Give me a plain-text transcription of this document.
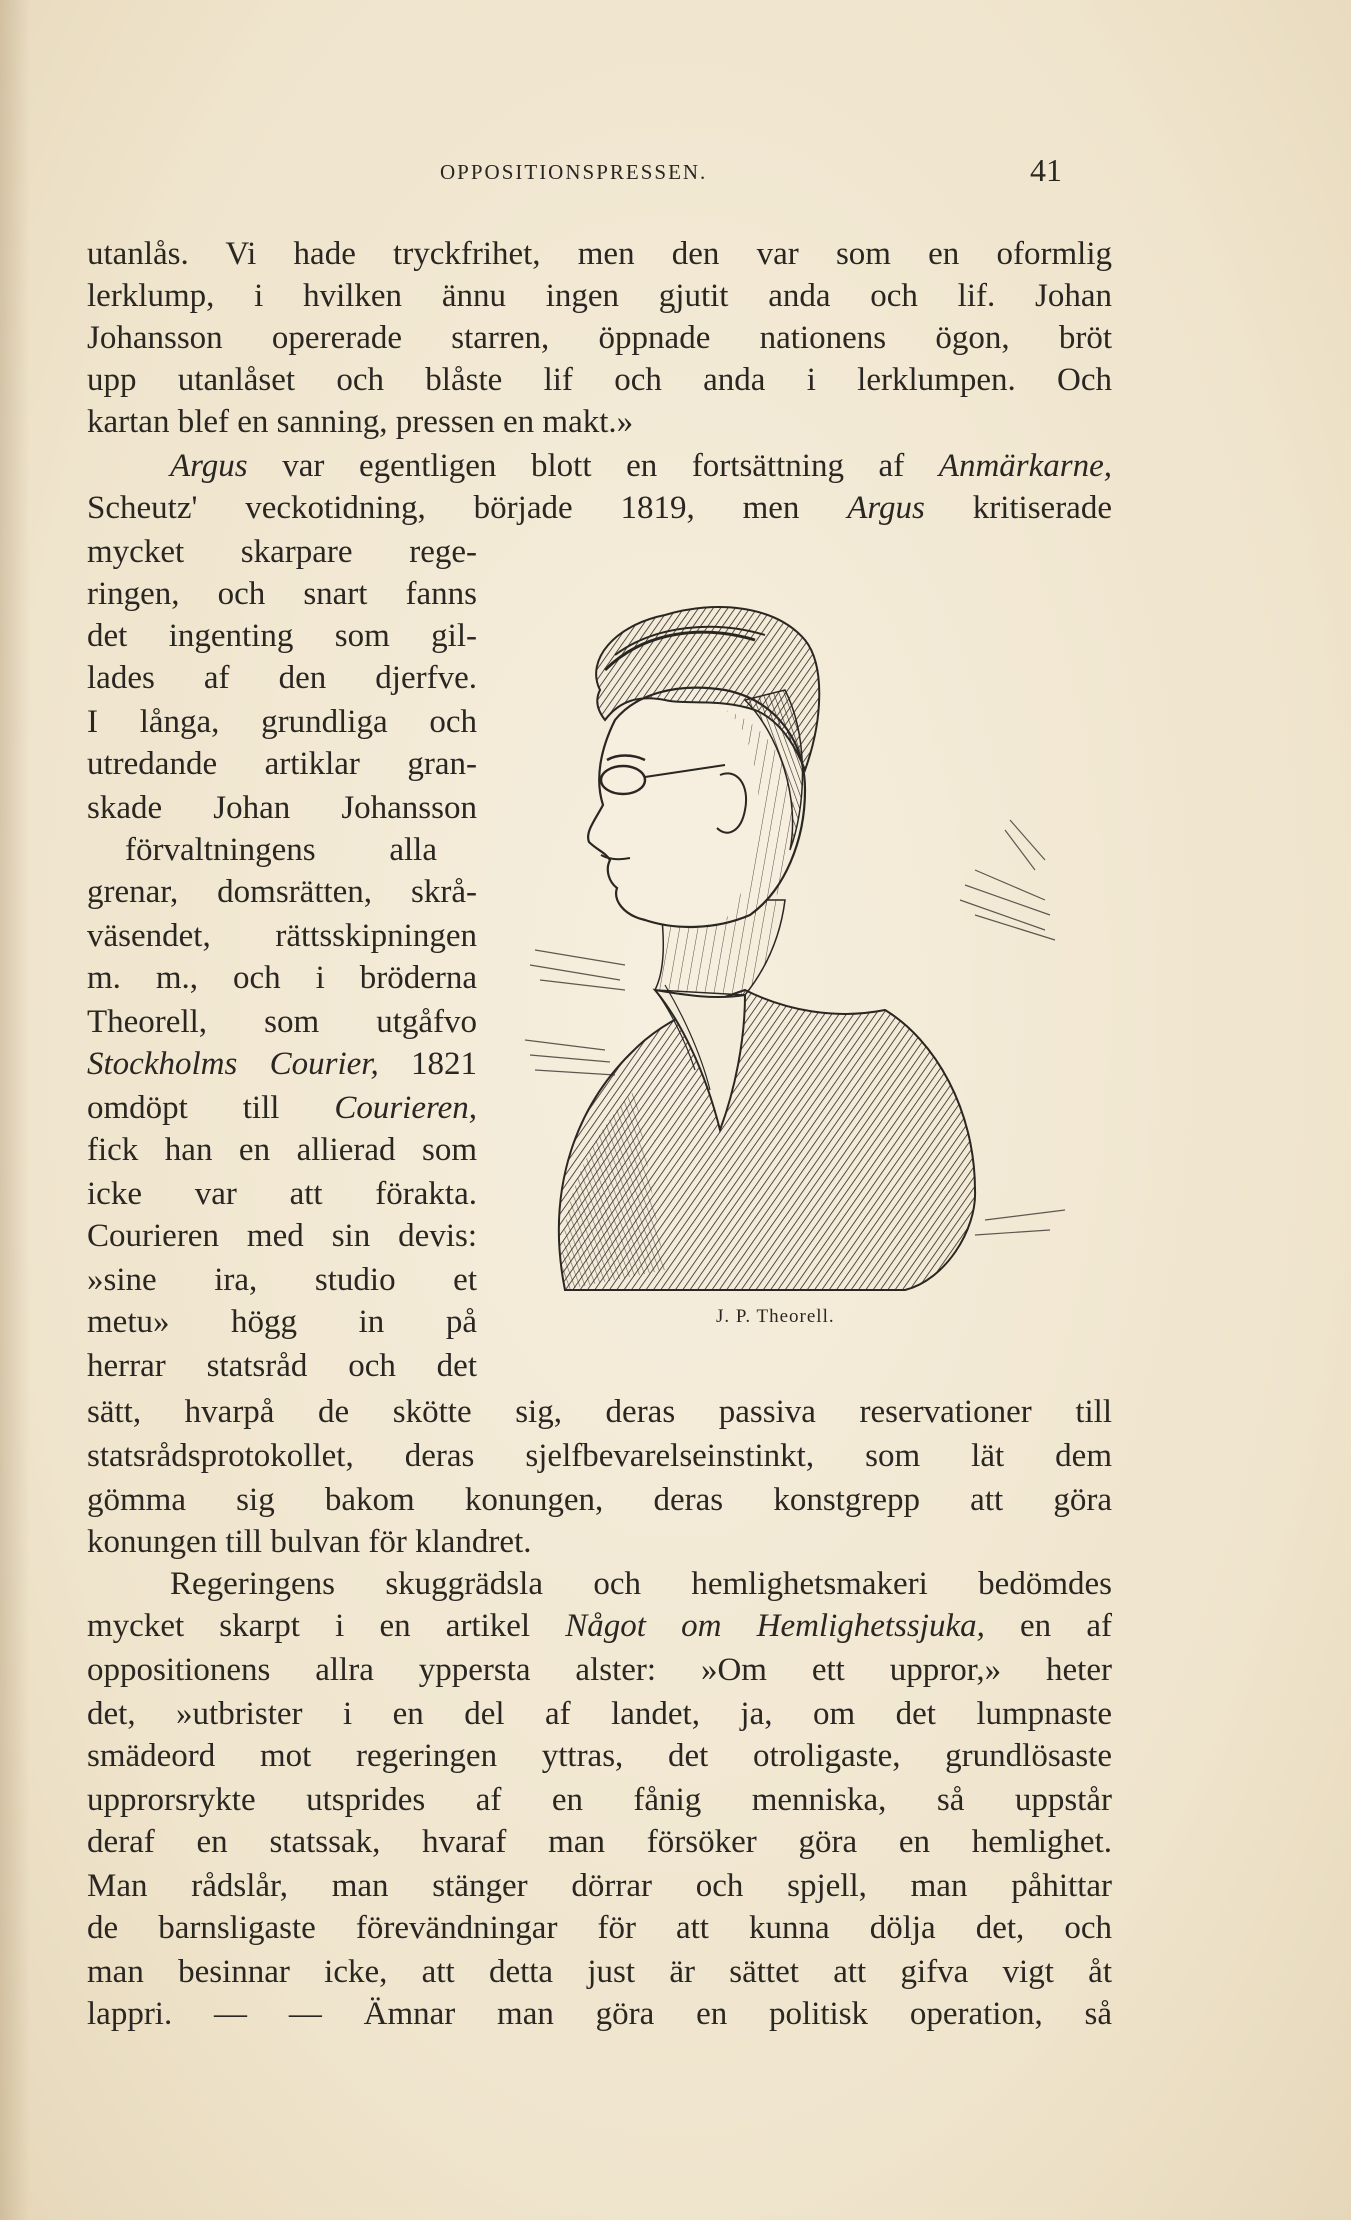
OPPOSITIONSPRESSEN.	41
utanlås. Vi hade tryckfrihet, men den var som en oformlig
lerklump, i hvilken ännu ingen gjutit anda och lif. Johan
Johansson opererade starren, öppnade nationens ögon, bröt
upp utanlåset och blåste lif och anda i lerklumpen. Och
kartan blef en sanning, pressen en makt.»
Argus var egentligen blott en fortsättning af Anmärkarne,
Scheutz' veckotidning, började 1819, men Argus kritiserade
mycket skarpare rege-
ringen, och snart fanns
det ingenting som gil-
lades af den djerfve.
I långa, grundliga och
utredande artiklar gran-
skade Johan Johansson
förvaltningens alla
grenar, domsrätten, skrå-
väsendet, rättsskipningen
m. m., och i bröderna
Theorell, som utgåfvo
Stockholms Courier, 1821
omdöpt till Courieren,
fick han en allierad som
icke var att förakta.
Courieren med sin devis:
»sine ira, studio et
metu» högg in på
herrar statsråd och det
J. P. Theorell.
sätt, hvarpå de skötte sig, deras passiva reservationer till
statsrådsprotokollet, deras sjelfbevarelseinstinkt, som lät dem
gömma sig bakom konungen, deras konstgrepp att göra
konungen till bulvan för klandret.
Regeringens skuggrädsla och hemlighetsmakeri bedömdes
mycket skarpt i en artikel Något om Hemlighetssjuka, en af
oppositionens allra yppersta alster: »Om ett uppror,» heter
det, »utbrister i en del af landet, ja, om det lumpnaste
smädeord mot regeringen yttras, det otroligaste, grundlösaste
upprorsrykte utsprides af en fånig menniska, så uppstår
deraf en statssak, hvaraf man försöker göra en hemlighet.
Man rådslår, man stänger dörrar och spjell, man påhittar
de barnsligaste förevändningar för att kunna dölja det, och
man besinnar icke, att detta just är sättet att gifva vigt åt
lappri. — — Ämnar man göra en politisk operation, så
